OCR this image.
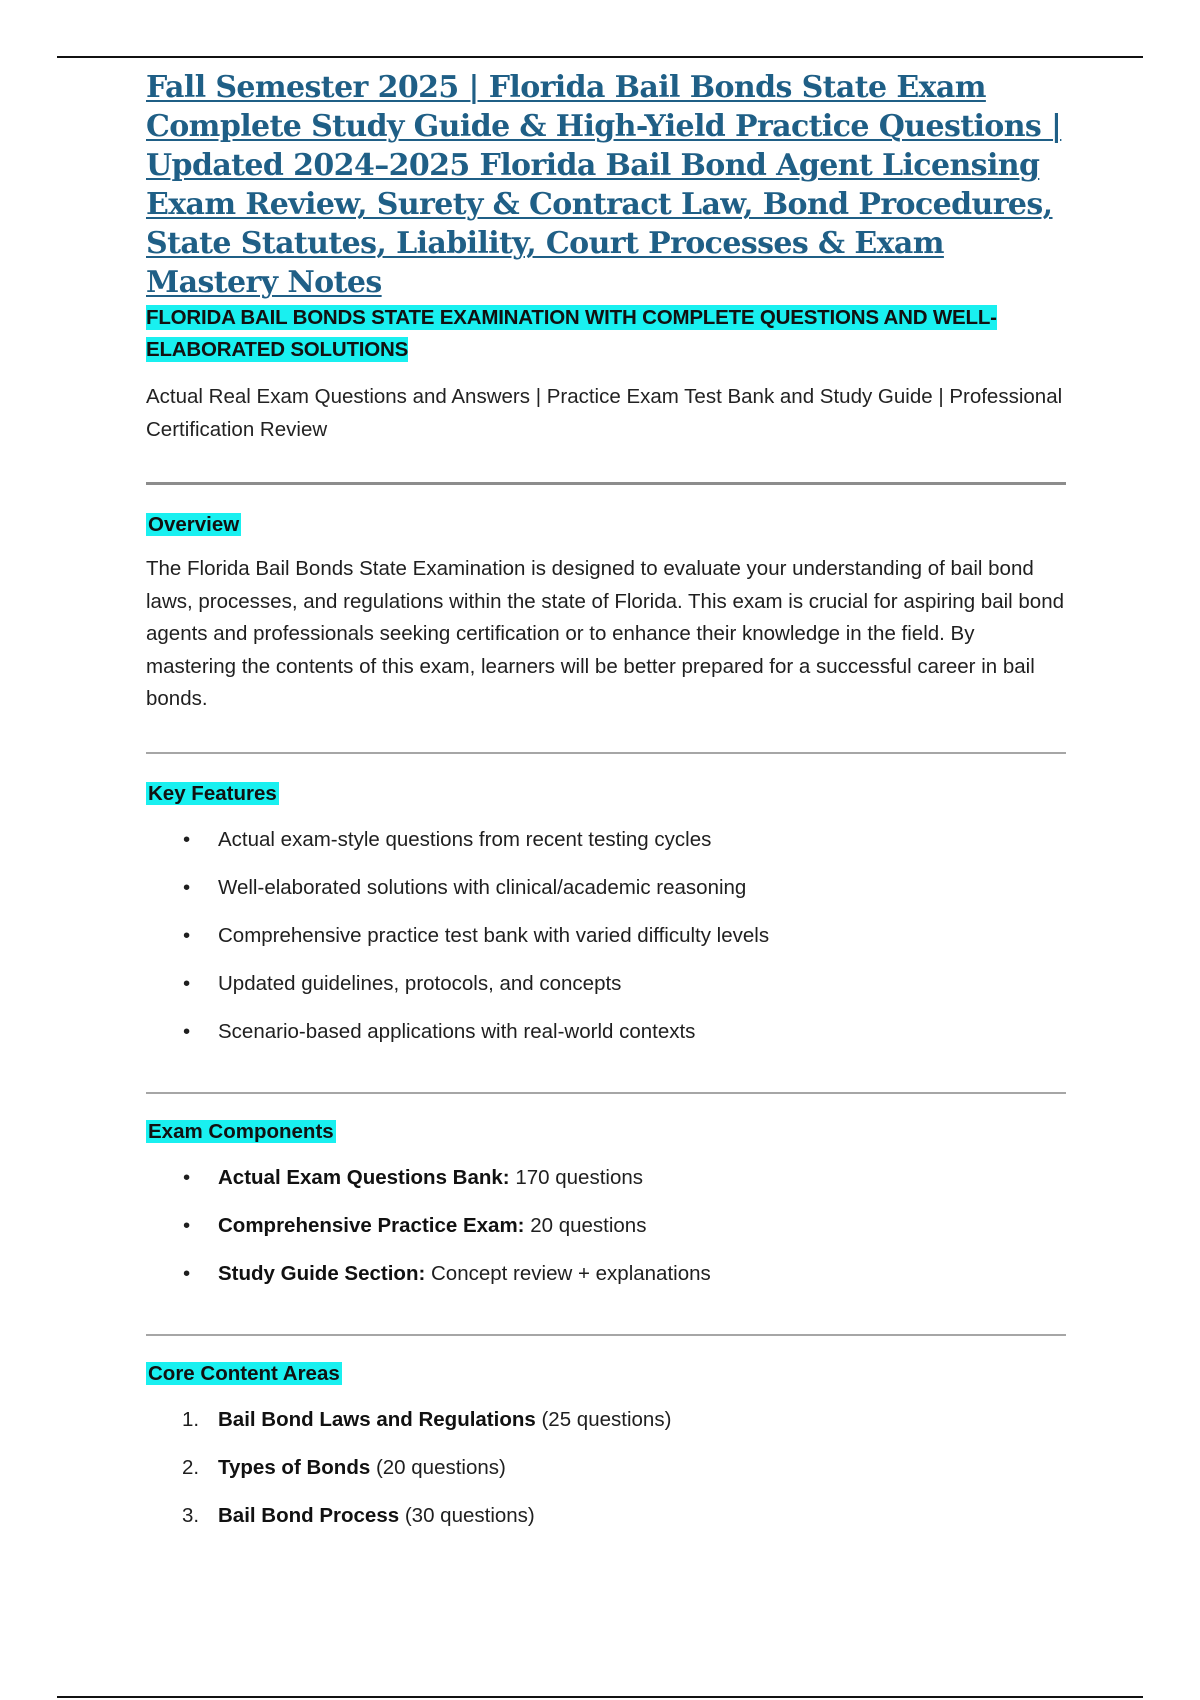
Fall Semester 2025 | Florida Bail Bonds State Exam Complete Study Guide & High-Yield Practice Questions | Updated 2024–2025 Florida Bail Bond Agent Licensing Exam Review, Surety & Contract Law, Bond Procedures, State Statutes, Liability, Court Processes & Exam Mastery Notes

FLORIDA BAIL BONDS STATE EXAMINATION WITH COMPLETE QUESTIONS AND WELL-ELABORATED SOLUTIONS

Actual Real Exam Questions and Answers | Practice Exam Test Bank and Study Guide | Professional Certification Review

Overview

The Florida Bail Bonds State Examination is designed to evaluate your understanding of bail bond laws, processes, and regulations within the state of Florida. This exam is crucial for aspiring bail bond agents and professionals seeking certification or to enhance their knowledge in the field. By mastering the contents of this exam, learners will be better prepared for a successful career in bail bonds.

Key Features
• Actual exam-style questions from recent testing cycles
• Well-elaborated solutions with clinical/academic reasoning
• Comprehensive practice test bank with varied difficulty levels
• Updated guidelines, protocols, and concepts
• Scenario-based applications with real-world contexts
Exam Components
• Actual Exam Questions Bank: 170 questions
• Comprehensive Practice Exam: 20 questions
• Study Guide Section: Concept review + explanations
Core Content Areas
1. Bail Bond Laws and Regulations (25 questions)
2. Types of Bonds (20 questions)
3. Bail Bond Process (30 questions)
